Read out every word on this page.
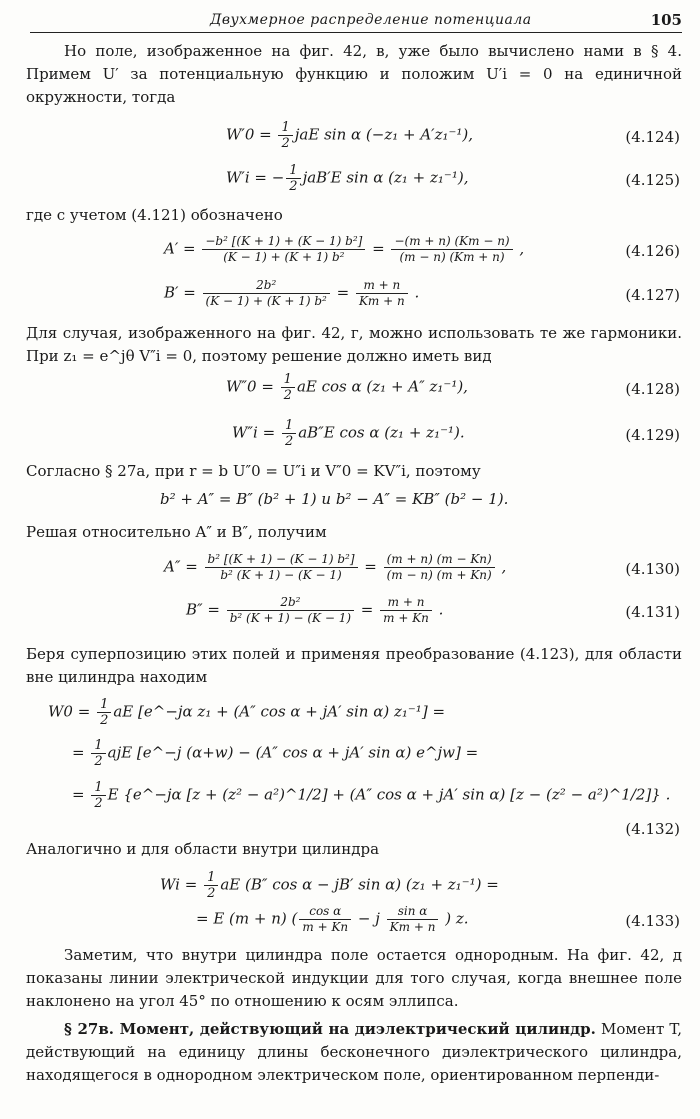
Двухмерное распределение потенциала	105
Но поле, изображенное на фиг. 42, в, уже было вычислено нами в § 4. Примем U′ за потенциальную функцию и положим U′i = 0 на единичной окружности, тогда
$W'0 = \frac{1}{2}$ jaE sin α (−z₁ + A′z₁⁻¹),	(4.124)
W′i = − $\frac{1}{2} jaB'E$ sin α (z₁ + z₁⁻¹),	(4.125)
где с учетом (4.121) обозначено
$A' = \frac{\text{−b² [(K + 1) + (K − 1) b²]}}{\text{(K − 1) + (K + 1) b²}} = \frac{-(m + n) (Km - n)}{(m - n) (Km + n)}$ ,	(4.126)
$B' = \frac{\text{2b²}}{\text{(K − 1) + (K + 1) b²}} = \frac{m + n}{Km + n}$ .	(4.127)
Для случая, изображенного на фиг. 42, г, можно использовать те же гармоники. При z₁ = e^jθ V″i = 0, поэтому решение должно иметь вид
$W''0 = \frac{1}{2}$ aE cos α (z₁ + A″ z₁⁻¹),	(4.128)
$W''i = \frac{1}{2} aB''E$ cos α (z₁ + z₁⁻¹).	(4.129)
Согласно § 27а, при r = b U″0 = U″i и V″0 = KV″i, поэтому
b² + A″ = B″ (b² + 1) и b² − A″ = KB″ (b² − 1).
Решая относительно A″ и B″, получим
$A'' = \frac{\text{b² [(K + 1) − (K − 1) b²]}}{\text{b² (K + 1) − (K − 1)}} = \frac{(m + n) (m - Kn)}{(m - n) (m + Kn)}$ ,	(4.130)
$B'' = \frac{\text{2b²}}{\text{b² (K + 1) − (K − 1)}} = \frac{m + n}{m + Kn}$ .	(4.131)
Беря суперпозицию этих полей и применяя преобразование (4.123), для области вне цилиндра находим
$W0 = \frac{1}{2}$ aE [e^−jα z₁ + (A″ cos α + jA′ sin α) z₁⁻¹] =
= $\frac{1}{2}$ ajE [e^−j (α+w) − (A″ cos α + jA′ sin α) e^jw] =
= $\frac{1}{2}$ E {e^−jα [z + (z² − a²)^1/2] + (A″ cos α + jA′ sin α) [z − (z² − a²)^1/2]} .
(4.132)
Аналогично и для области внутри цилиндра
$Wi = \frac{1}{2}$ aE (B″ cos α − jB′ sin α) (z₁ + z₁⁻¹) =
= E (m + n) ( $\frac{\text{cos α}}{m + Kn} - j \frac{\text{sin α}}{Km + n}$ ) z.	(4.133)
Заметим, что внутри цилиндра поле остается однородным. На фиг. 42, д показаны линии электрической индукции для того случая, когда внешнее поле наклонено на угол 45° по отношению к осям эллипса.
§ 27в. Момент, действующий на диэлектрический цилиндр. Момент T, действующий на единицу длины бесконечного диэлектрического цилиндра, находящегося в однородном электрическом поле, ориентированном перпенди-
